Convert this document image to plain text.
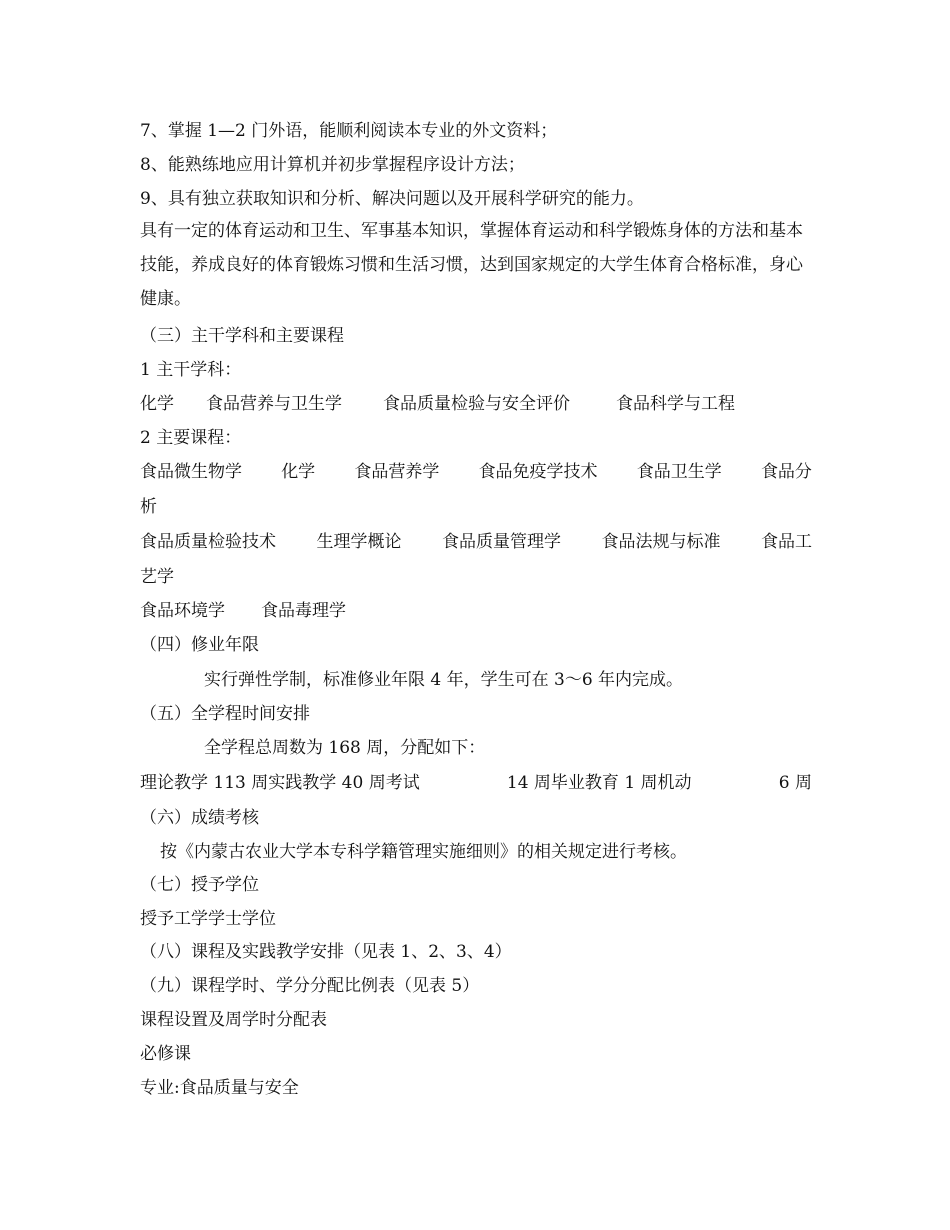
7、掌握 1—2 门外语，能顺利阅读本专业的外文资料；
8、能熟练地应用计算机并初步掌握程序设计方法；
9、具有独立获取知识和分析、解决问题以及开展科学研究的能力。
具有一定的体育运动和卫生、军事基本知识，掌握体育运动和科学锻炼身体的方法和基本技能，养成良好的体育锻炼习惯和生活习惯，达到国家规定的大学生体育合格标准，身心健康。
（三）主干学科和主要课程
1 主干学科：
化学	食品营养与卫生学	食品质量检验与安全评价	食品科学与工程
2 主要课程：
食品微生物学 化学 食品营养学 食品免疫学技术 食品卫生学 食品分
析
食品质量检验技术 生理学概论 食品质量管理学 食品法规与标准 食品工
艺学
食品环境学	食品毒理学
（四）修业年限
实行弹性学制，标准修业年限 4 年，学生可在 3～6 年内完成。
（五）全学程时间安排
全学程总周数为 168 周，分配如下：
理论教学 113 周实践教学 40 周考试	14 周毕业教育 1 周机动	6 周
（六）成绩考核
按《内蒙古农业大学本专科学籍管理实施细则》的相关规定进行考核。
（七）授予学位
授予工学学士学位
（八）课程及实践教学安排（见表 1、2、3、4）
（九）课程学时、学分分配比例表（见表 5）
课程设置及周学时分配表
必修课
专业:食品质量与安全
